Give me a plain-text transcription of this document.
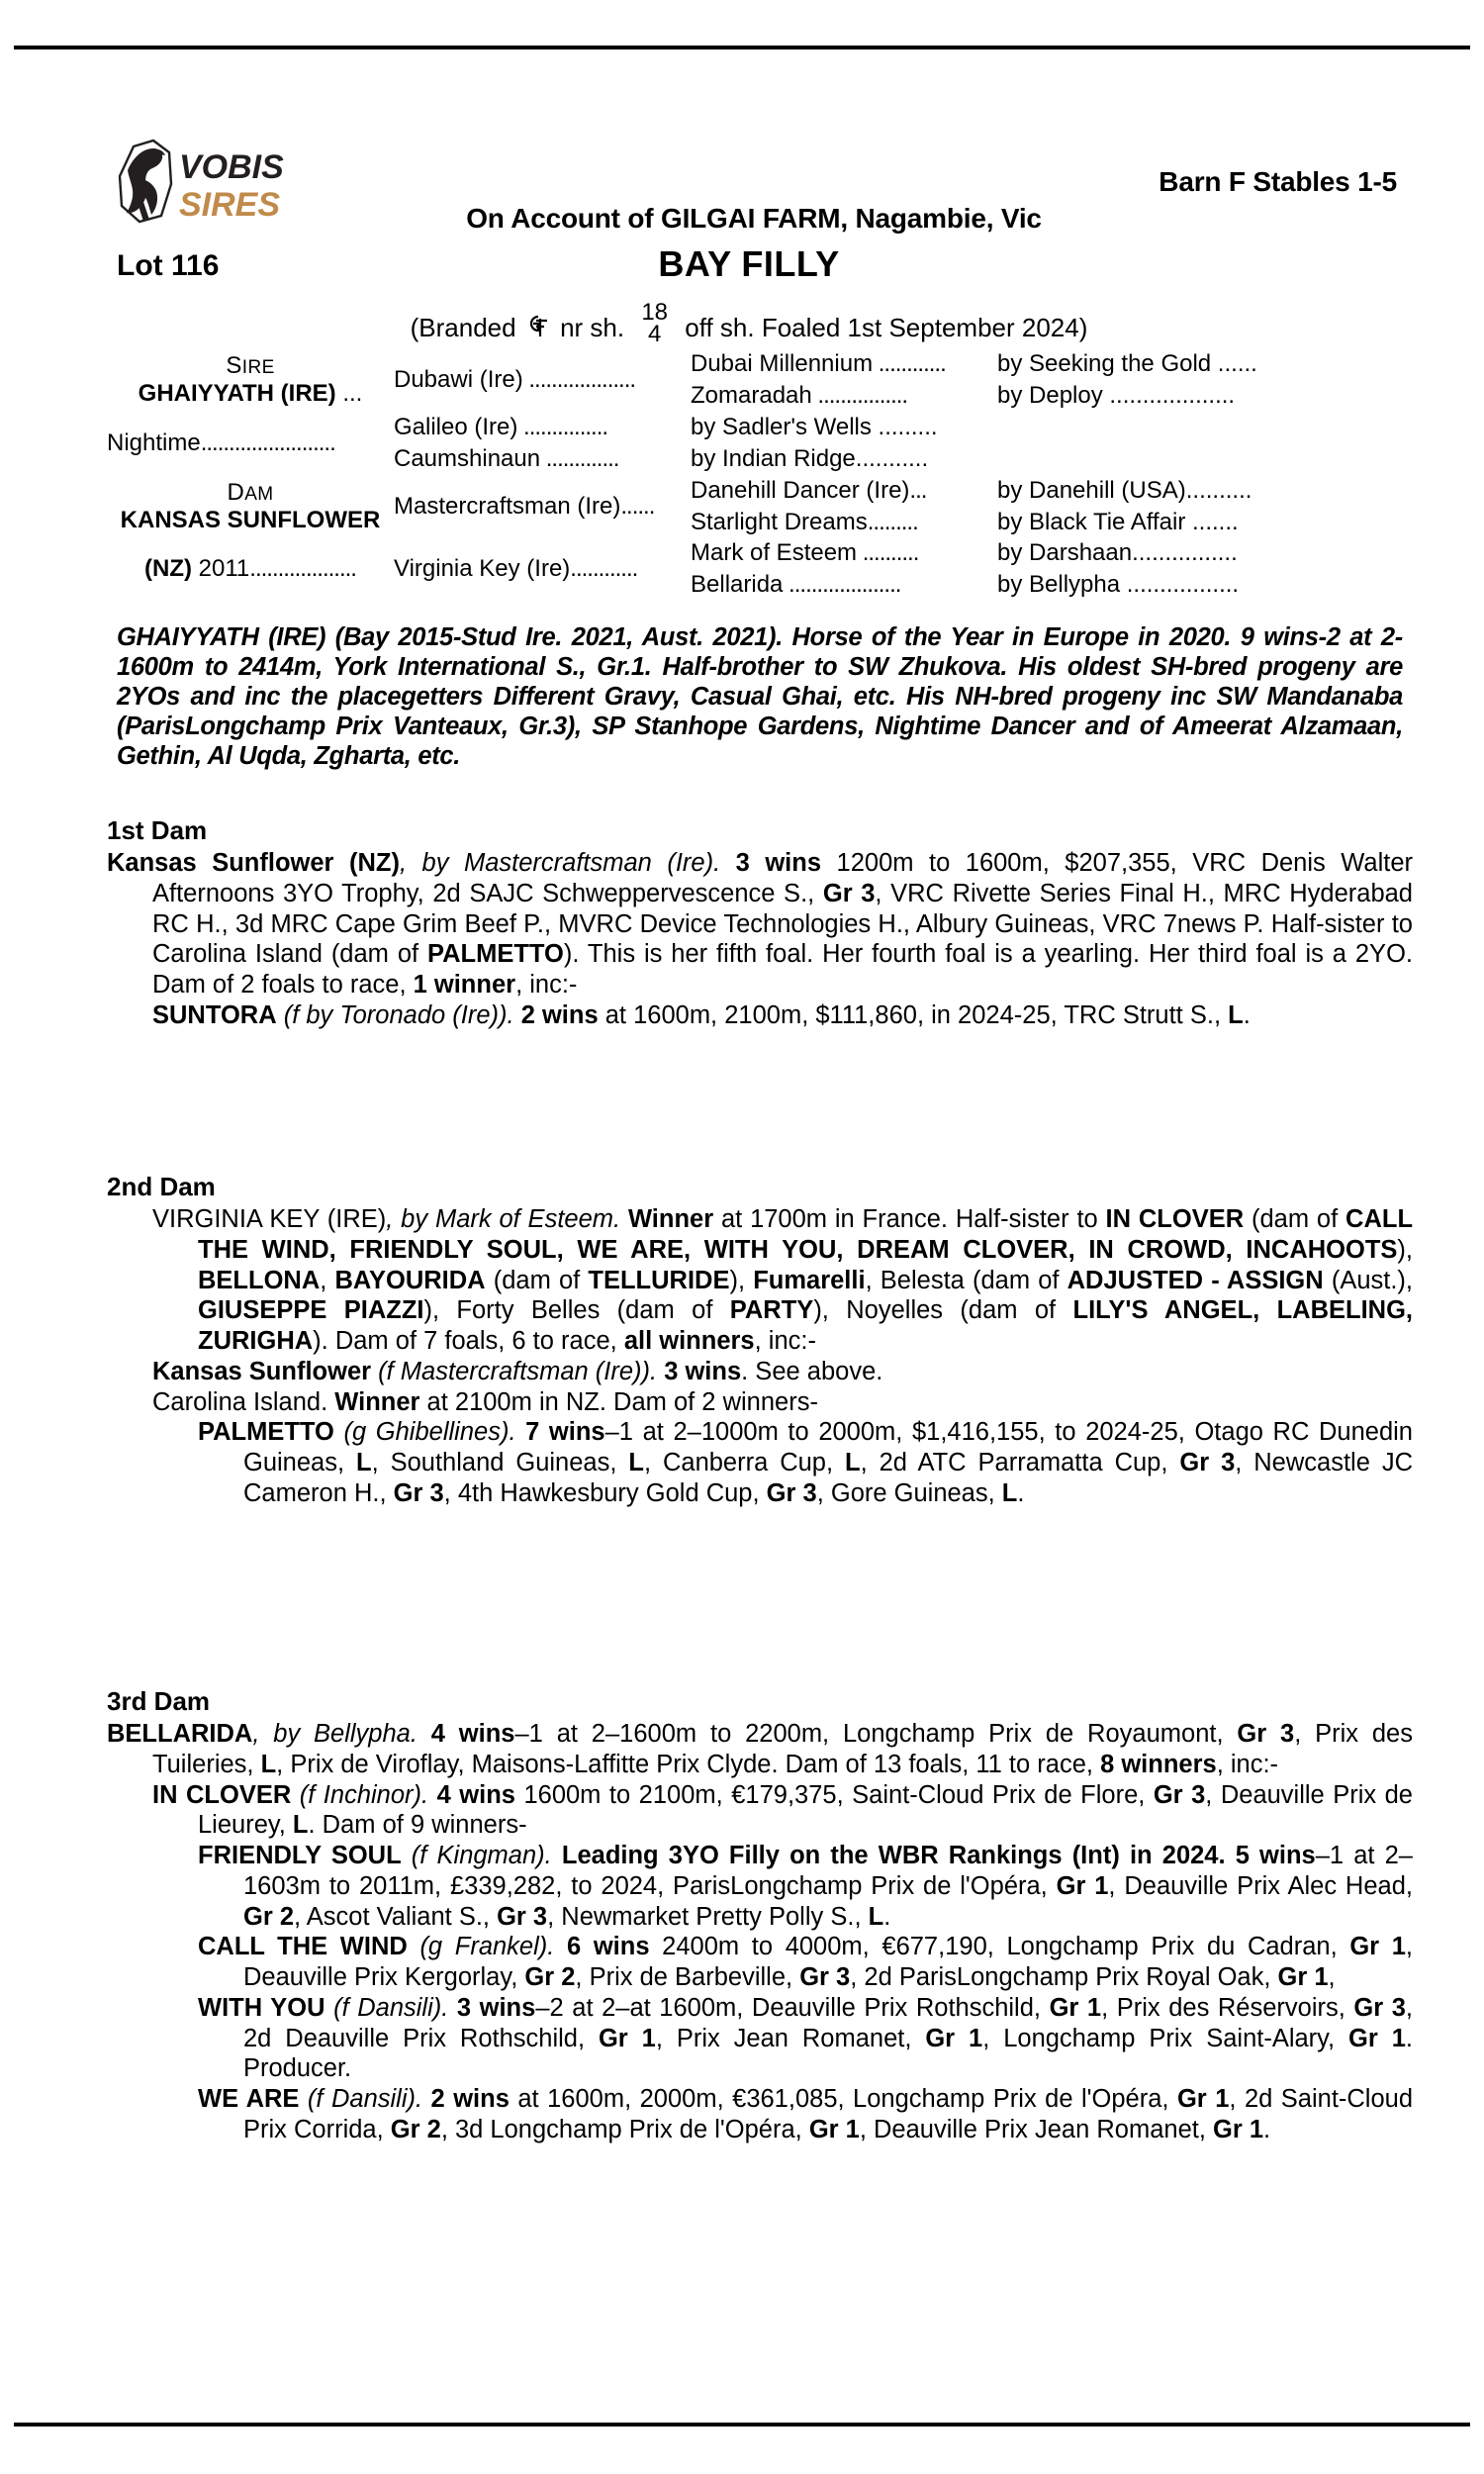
VOBIS
SIRES
Barn F Stables 1-5
On Account of GILGAI FARM, Nagambie, Vic
Lot 116	BAY FILLY
(Branded nr sh.
18
4 off sh. Foaled 1st September 2024)
SIRE
GHAIYYATH (IRE) ...	Dubawi (Ire) ...................	Dubai Millennium ............	by Seeking the Gold ......
		Zomaradah ................	by Deploy ...................
Nightime........................	Galileo (Ire) ...............	by Sadler's Wells .........	
	Caumshinaun .............	by Indian Ridge...........	

DAM
KANSAS SUNFLOWER	Mastercraftsman (Ire)......	Danehill Dancer (Ire)...	by Danehill (USA)..........
		Starlight Dreams.........	by Black Tie Affair .......

(NZ) 2011...................	Virginia Key (Ire)............	Mark of Esteem ..........	by Darshaan................
		Bellarida ....................	by Bellypha .................
GHAIYYATH (IRE) (Bay 2015-Stud Ire. 2021, Aust. 2021). Horse of the Year in Europe in 2020. 9 wins-2 at 2-1600m to 2414m, York International S., Gr.1. Half-brother to SW Zhukova. His oldest SH-bred progeny are 2YOs and inc the placegetters Different Gravy, Casual Ghai, etc. His NH-bred progeny inc SW Mandanaba (ParisLongchamp Prix Vanteaux, Gr.3), SP Stanhope Gardens, Nightime Dancer and of Ameerat Alzamaan, Gethin, Al Uqda, Zgharta, etc.
1st Dam

Kansas Sunflower (NZ), by Mastercraftsman (Ire). 3 wins 1200m to 1600m, $207,355, VRC Denis Walter Afternoons 3YO Trophy, 2d SAJC Schweppervescence S., Gr 3, VRC Rivette Series Final H., MRC Hyderabad RC H., 3d MRC Cape Grim Beef P., MVRC Device Technologies H., Albury Guineas, VRC 7news P. Half-sister to Carolina Island (dam of PALMETTO). This is her fifth foal. Her fourth foal is a yearling. Her third foal is a 2YO. Dam of 2 foals to race, 1 winner, inc:-

SUNTORA (f by Toronado (Ire)). 2 wins at 1600m, 2100m, $111,860, in 2024-25, TRC Strutt S., L.

2nd Dam

VIRGINIA KEY (IRE), by Mark of Esteem. Winner at 1700m in France. Half-sister to IN CLOVER (dam of CALL THE WIND, FRIENDLY SOUL, WE ARE, WITH YOU, DREAM CLOVER, IN CROWD, INCAHOOTS), BELLONA, BAYOURIDA (dam of TELLURIDE), Fumarelli, Belesta (dam of ADJUSTED - ASSIGN (Aust.), GIUSEPPE PIAZZI), Forty Belles (dam of PARTY), Noyelles (dam of LILY'S ANGEL, LABELING, ZURIGHA). Dam of 7 foals, 6 to race, all winners, inc:-

Kansas Sunflower (f Mastercraftsman (Ire)). 3 wins. See above.

Carolina Island. Winner at 2100m in NZ. Dam of 2 winners-

PALMETTO (g Ghibellines). 7 wins–1 at 2–1000m to 2000m, $1,416,155, to 2024-25, Otago RC Dunedin Guineas, L, Southland Guineas, L, Canberra Cup, L, 2d ATC Parramatta Cup, Gr 3, Newcastle JC Cameron H., Gr 3, 4th Hawkesbury Gold Cup, Gr 3, Gore Guineas, L.

3rd Dam

BELLARIDA, by Bellypha. 4 wins–1 at 2–1600m to 2200m, Longchamp Prix de Royaumont, Gr 3, Prix des Tuileries, L, Prix de Viroflay, Maisons-Laffitte Prix Clyde. Dam of 13 foals, 11 to race, 8 winners, inc:-

IN CLOVER (f Inchinor). 4 wins 1600m to 2100m, €179,375, Saint-Cloud Prix de Flore, Gr 3, Deauville Prix de Lieurey, L. Dam of 9 winners-

FRIENDLY SOUL (f Kingman). Leading 3YO Filly on the WBR Rankings (Int) in 2024. 5 wins–1 at 2–1603m to 2011m, £339,282, to 2024, ParisLongchamp Prix de l'Opéra, Gr 1, Deauville Prix Alec Head, Gr 2, Ascot Valiant S., Gr 3, Newmarket Pretty Polly S., L.

CALL THE WIND (g Frankel). 6 wins 2400m to 4000m, €677,190, Longchamp Prix du Cadran, Gr 1, Deauville Prix Kergorlay, Gr 2, Prix de Barbeville, Gr 3, 2d ParisLongchamp Prix Royal Oak, Gr 1,

WITH YOU (f Dansili). 3 wins–2 at 2–at 1600m, Deauville Prix Rothschild, Gr 1, Prix des Réservoirs, Gr 3, 2d Deauville Prix Rothschild, Gr 1, Prix Jean Romanet, Gr 1, Longchamp Prix Saint-Alary, Gr 1. Producer.

WE ARE (f Dansili). 2 wins at 1600m, 2000m, €361,085, Longchamp Prix de l'Opéra, Gr 1, 2d Saint-Cloud Prix Corrida, Gr 2, 3d Longchamp Prix de l'Opéra, Gr 1, Deauville Prix Jean Romanet, Gr 1.
